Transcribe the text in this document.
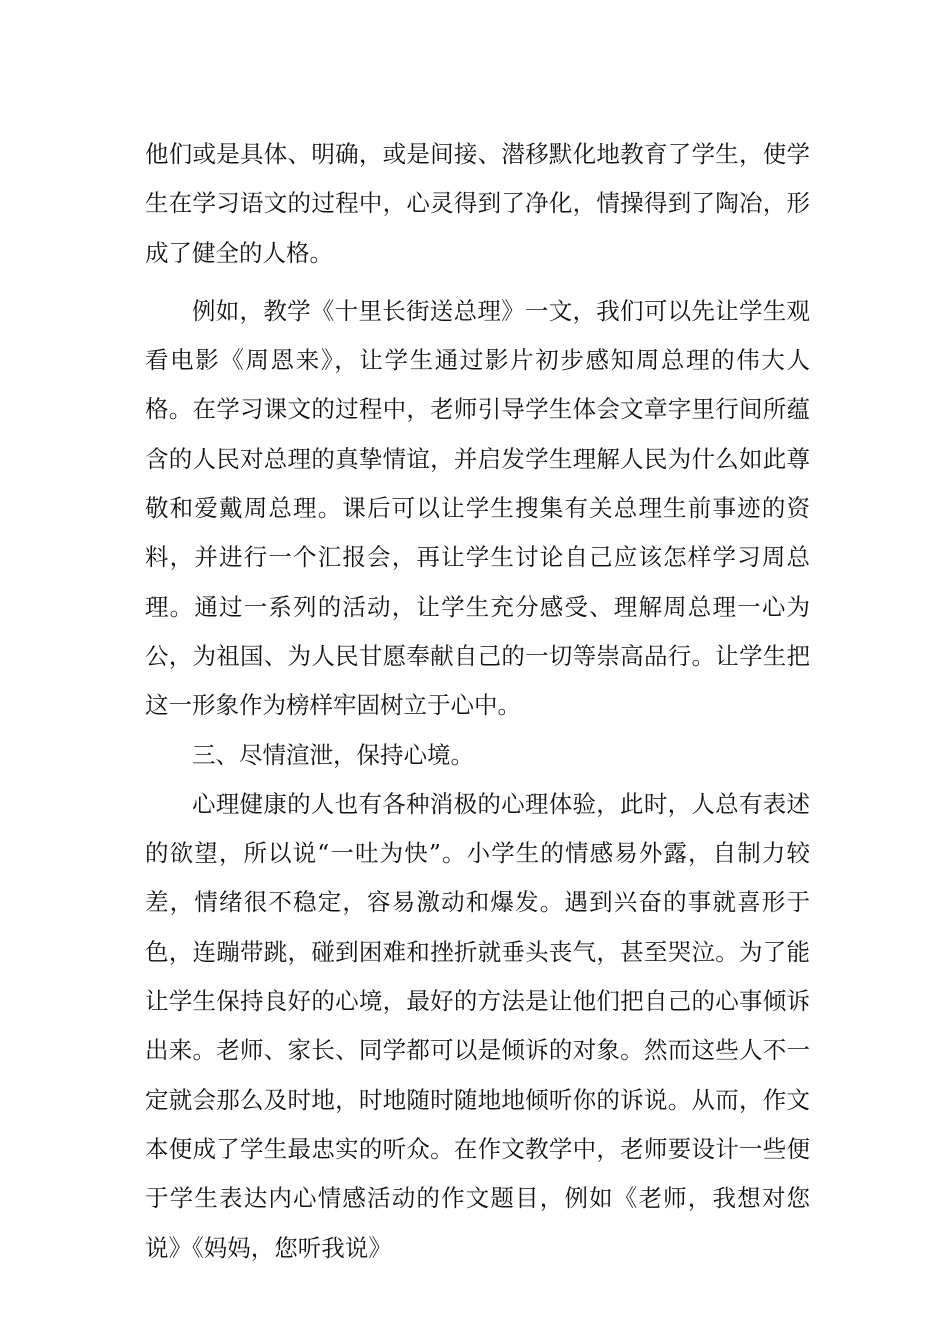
他们或是具体、明确，或是间接、潜移默化地教育了学生，使学生在学习语文的过程中，心灵得到了净化，情操得到了陶冶，形成了健全的人格。

例如，教学《十里长街送总理》一文，我们可以先让学生观看电影《周恩来》，让学生通过影片初步感知周总理的伟大人格。在学习课文的过程中，老师引导学生体会文章字里行间所蕴含的人民对总理的真挚情谊，并启发学生理解人民为什么如此尊敬和爱戴周总理。课后可以让学生搜集有关总理生前事迹的资料，并进行一个汇报会，再让学生讨论自己应该怎样学习周总理。通过一系列的活动，让学生充分感受、理解周总理一心为公，为祖国、为人民甘愿奉献自己的一切等崇高品行。让学生把这一形象作为榜样牢固树立于心中。

三、尽情渲泄，保持心境。

心理健康的人也有各种消极的心理体验，此时，人总有表述的欲望，所以说“一吐为快”。小学生的情感易外露，自制力较差，情绪很不稳定，容易激动和爆发。遇到兴奋的事就喜形于色，连蹦带跳，碰到困难和挫折就垂头丧气，甚至哭泣。为了能让学生保持良好的心境，最好的方法是让他们把自己的心事倾诉出来。老师、家长、同学都可以是倾诉的对象。然而这些人不一定就会那么及时地，时地随时随地地倾听你的诉说。从而，作文本便成了学生最忠实的听众。在作文教学中，老师要设计一些便于学生表达内心情感活动的作文题目，例如《老师，我想对您说》《妈妈，您听我说》
